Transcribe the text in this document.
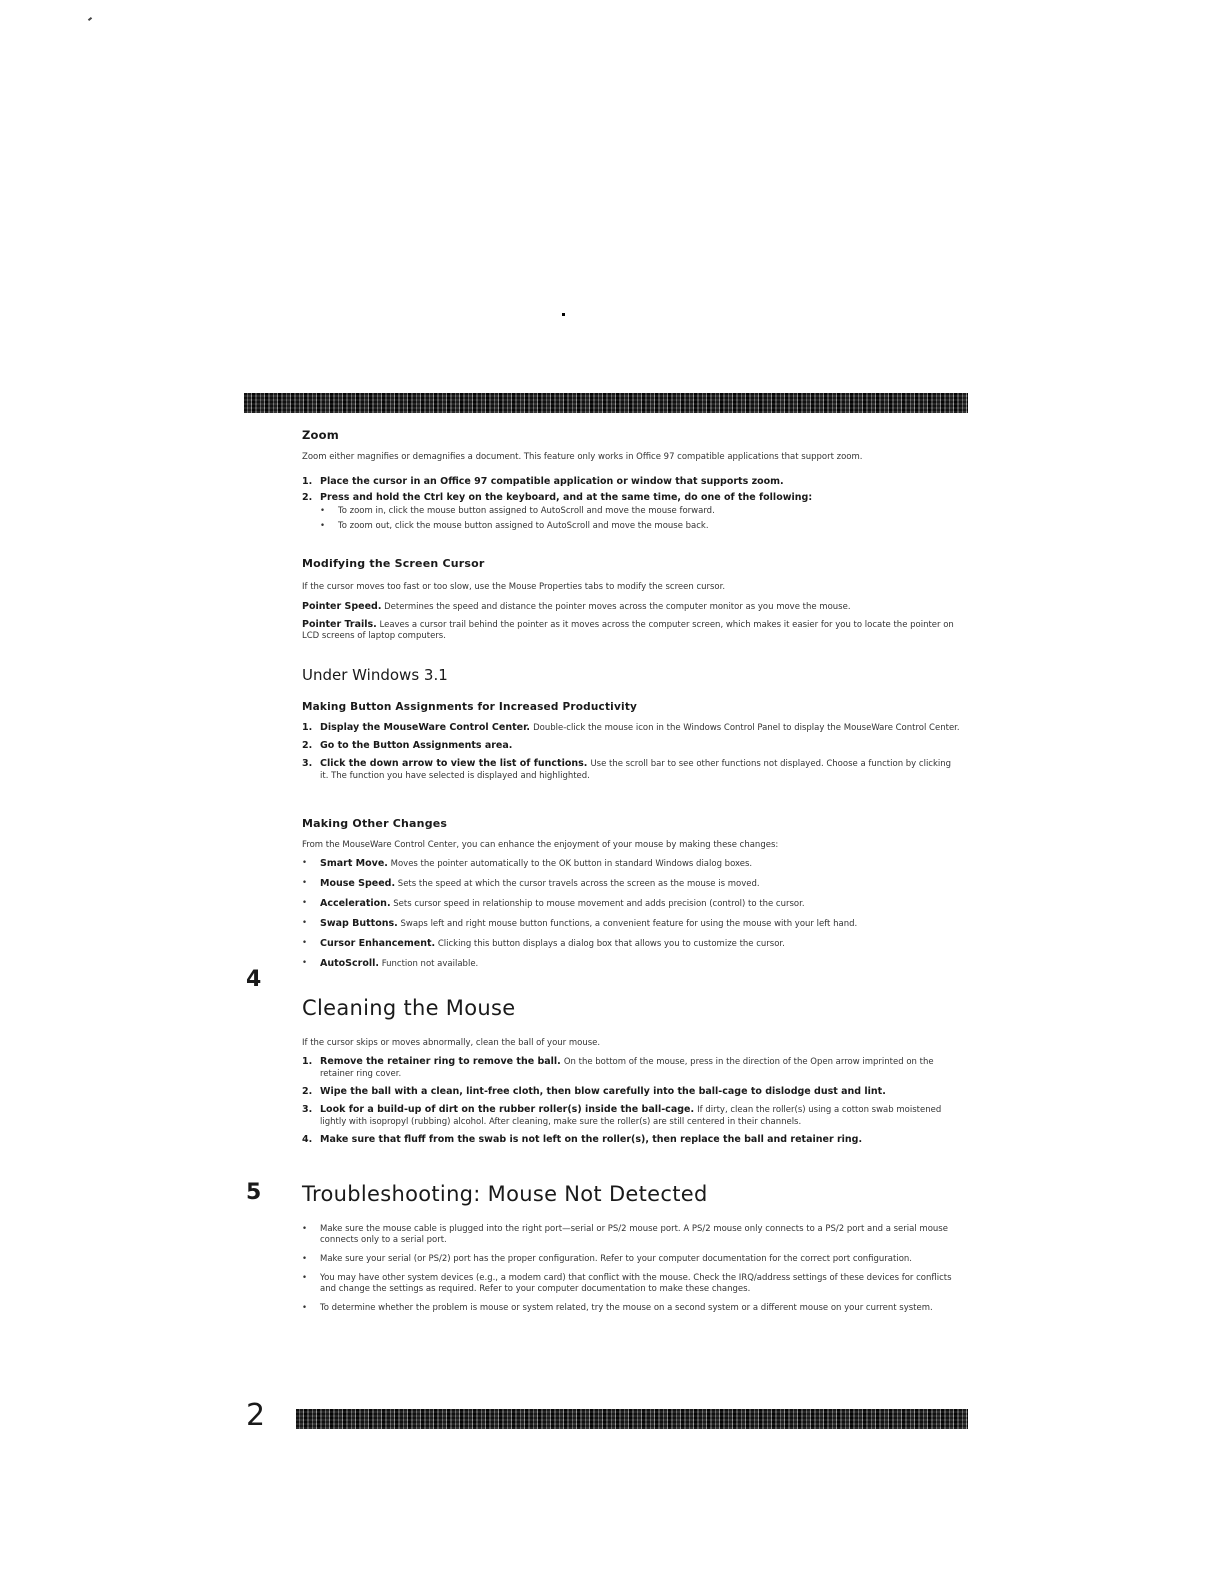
Zoom
Zoom either magnifies or demagnifies a document. This feature only works in Office 97 compatible applications that support zoom.
1. Place the cursor in an Office 97 compatible application or window that supports zoom.
2. Press and hold the Ctrl key on the keyboard, and at the same time, do one of the following:
•	To zoom in, click the mouse button assigned to AutoScroll and move the mouse forward.
•	To zoom out, click the mouse button assigned to AutoScroll and move the mouse back.
Modifying the Screen Cursor
If the cursor moves too fast or too slow, use the Mouse Properties tabs to modify the screen cursor.
Pointer Speed. Determines the speed and distance the pointer moves across the computer monitor as you move the mouse.
Pointer Trails. Leaves a cursor trail behind the pointer as it moves across the computer screen, which makes it easier for you to locate the pointer on LCD screens of laptop computers.
Under Windows 3.1
Making Button Assignments for Increased Productivity
1. Display the MouseWare Control Center. Double-click the mouse icon in the Windows Control Panel to display the MouseWare Control Center.
2. Go to the Button Assignments area.
3. Click the down arrow to view the list of functions. Use the scroll bar to see other functions not displayed. Choose a function by clicking it. The function you have selected is displayed and highlighted.
Making Other Changes
From the MouseWare Control Center, you can enhance the enjoyment of your mouse by making these changes:
•	Smart Move. Moves the pointer automatically to the OK button in standard Windows dialog boxes.
•	Mouse Speed. Sets the speed at which the cursor travels across the screen as the mouse is moved.
•	Acceleration. Sets cursor speed in relationship to mouse movement and adds precision (control) to the cursor.
•	Swap Buttons. Swaps left and right mouse button functions, a convenient feature for using the mouse with your left hand.
•	Cursor Enhancement. Clicking this button displays a dialog box that allows you to customize the cursor.
•	AutoScroll. Function not available.
4
Cleaning the Mouse
If the cursor skips or moves abnormally, clean the ball of your mouse.
1. Remove the retainer ring to remove the ball. On the bottom of the mouse, press in the direction of the Open arrow imprinted on the retainer ring cover.
2. Wipe the ball with a clean, lint-free cloth, then blow carefully into the ball-cage to dislodge dust and lint.
3. Look for a build-up of dirt on the rubber roller(s) inside the ball-cage. If dirty, clean the roller(s) using a cotton swab moistened lightly with isopropyl (rubbing) alcohol. After cleaning, make sure the roller(s) are still centered in their channels.
4. Make sure that fluff from the swab is not left on the roller(s), then replace the ball and retainer ring.
5 Troubleshooting: Mouse Not Detected
•	Make sure the mouse cable is plugged into the right port—serial or PS/2 mouse port. A PS/2 mouse only connects to a PS/2 port and a serial mouse connects only to a serial port.
•	Make sure your serial (or PS/2) port has the proper configuration. Refer to your computer documentation for the correct port configuration.
•	You may have other system devices (e.g., a modem card) that conflict with the mouse. Check the IRQ/address settings of these devices for conflicts and change the settings as required. Refer to your computer documentation to make these changes.
•	To determine whether the problem is mouse or system related, try the mouse on a second system or a different mouse on your current system.
2
